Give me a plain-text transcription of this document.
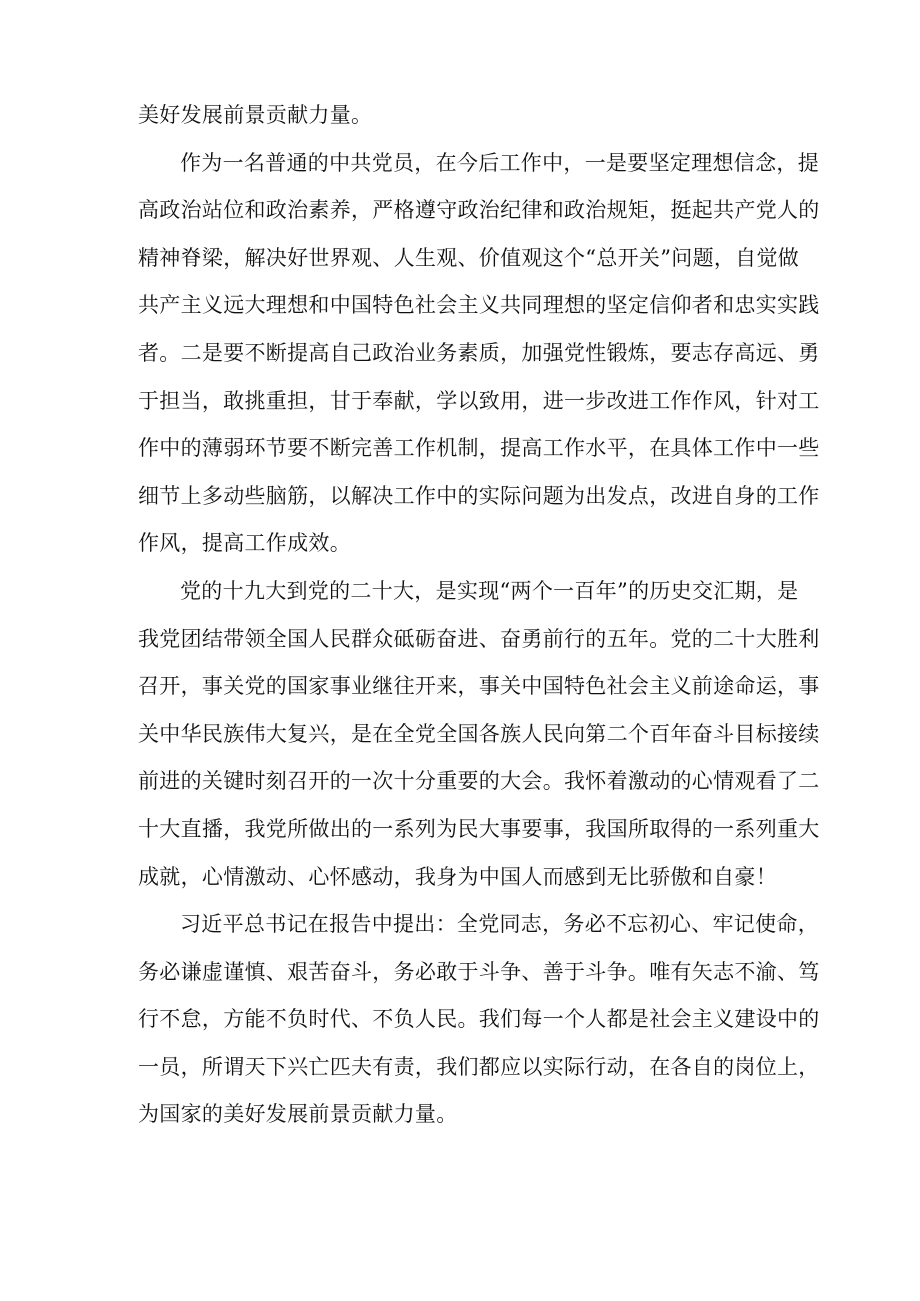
美好发展前景贡献力量。
作为一名普通的中共党员，在今后工作中，一是要坚定理想信念，提
高政治站位和政治素养，严格遵守政治纪律和政治规矩，挺起共产党人的
精神脊梁，解决好世界观、人生观、价值观这个“总开关”问题，自觉做
共产主义远大理想和中国特色社会主义共同理想的坚定信仰者和忠实实践
者。二是要不断提高自己政治业务素质，加强党性锻炼，要志存高远、勇
于担当，敢挑重担，甘于奉献，学以致用，进一步改进工作作风，针对工
作中的薄弱环节要不断完善工作机制，提高工作水平，在具体工作中一些
细节上多动些脑筋，以解决工作中的实际问题为出发点，改进自身的工作
作风，提高工作成效。
党的十九大到党的二十大，是实现“两个一百年”的历史交汇期，是
我党团结带领全国人民群众砥砺奋进、奋勇前行的五年。党的二十大胜利
召开，事关党的国家事业继往开来，事关中国特色社会主义前途命运，事
关中华民族伟大复兴，是在全党全国各族人民向第二个百年奋斗目标接续
前进的关键时刻召开的一次十分重要的大会。我怀着激动的心情观看了二
十大直播，我党所做出的一系列为民大事要事，我国所取得的一系列重大
成就，心情激动、心怀感动，我身为中国人而感到无比骄傲和自豪！
习近平总书记在报告中提出：全党同志，务必不忘初心、牢记使命，
务必谦虚谨慎、艰苦奋斗，务必敢于斗争、善于斗争。唯有矢志不渝、笃
行不怠，方能不负时代、不负人民。我们每一个人都是社会主义建设中的
一员，所谓天下兴亡匹夫有责，我们都应以实际行动，在各自的岗位上，
为国家的美好发展前景贡献力量。
